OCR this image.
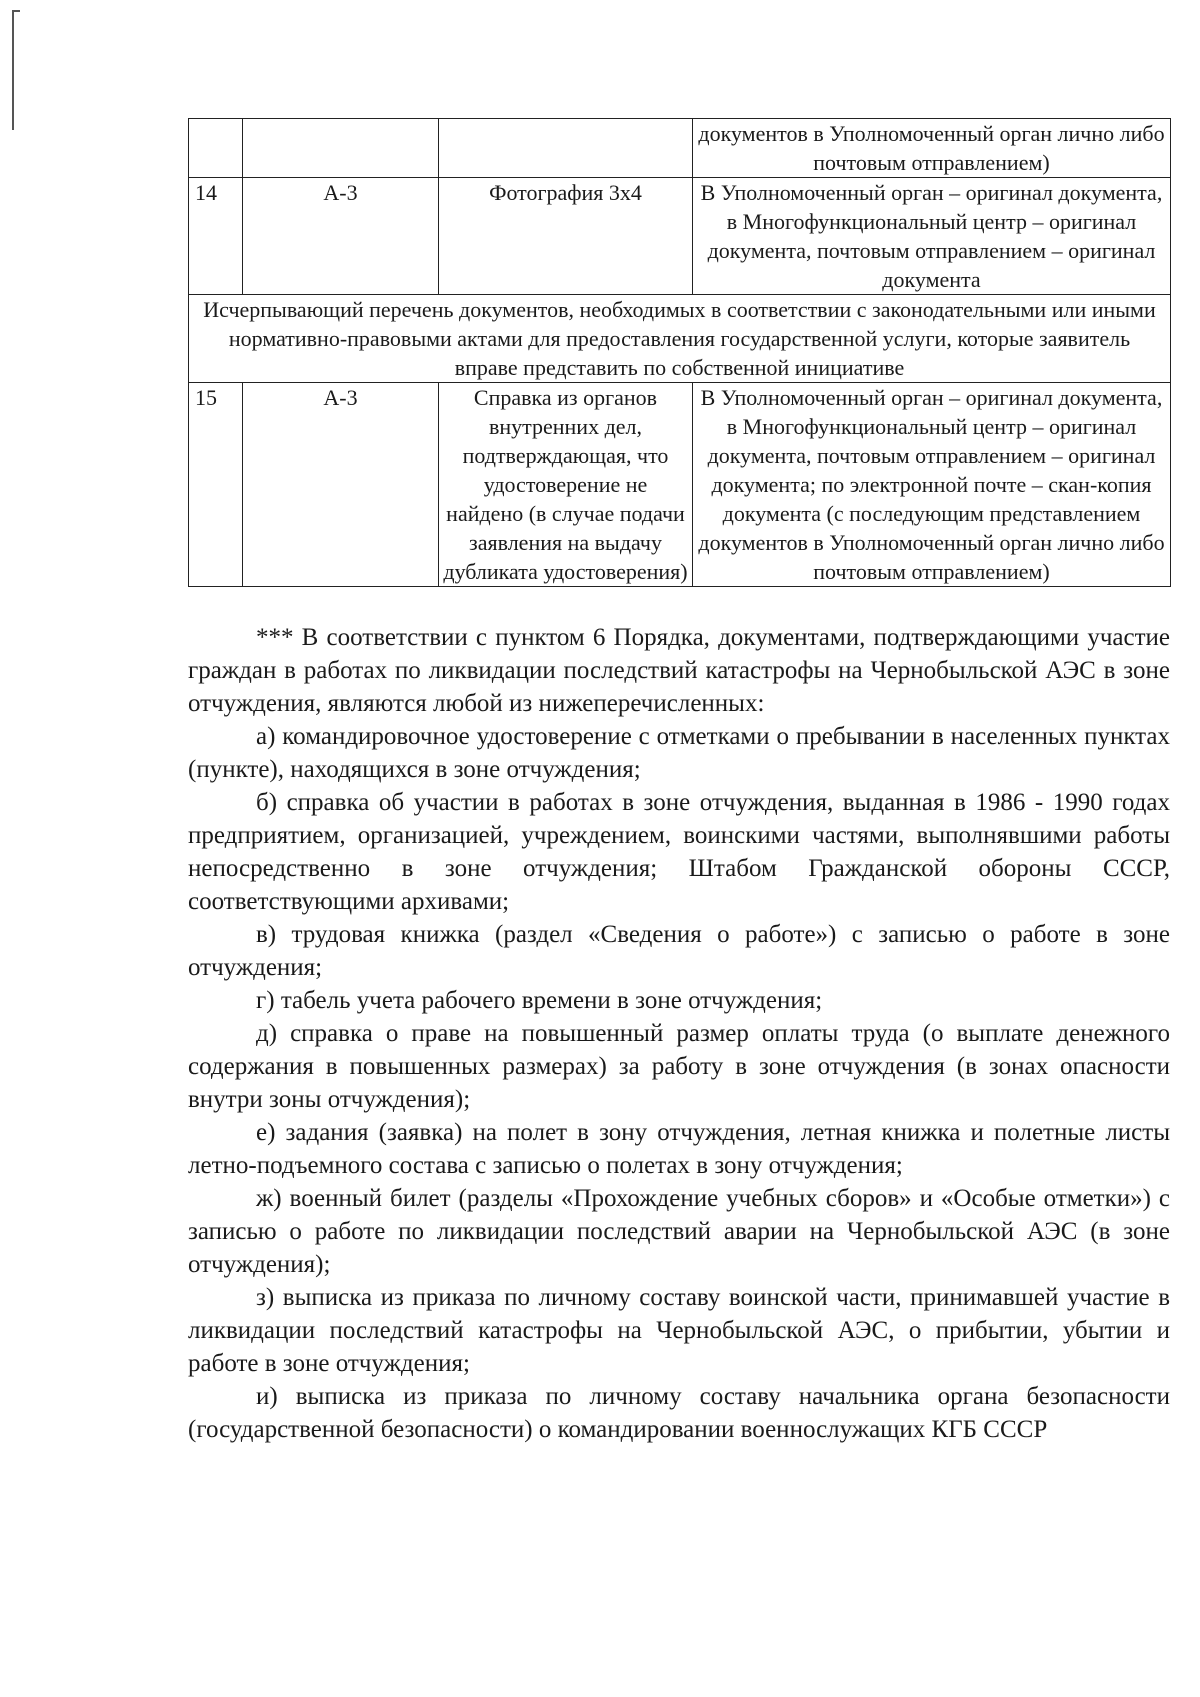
			документов в Уполномоченный орган лично либо почтовым отправлением)
14	А-3	Фотография 3х4	В Уполномоченный орган – оригинал документа, в Многофункциональный центр – оригинал документа, почтовым отправлением – оригинал документа
Исчерпывающий перечень документов, необходимых в соответствии с законодательными или иными нормативно-правовыми актами для предоставления государственной услуги, которые заявитель вправе представить по собственной инициативе			
15	А-3	Справка из органов внутренних дел, подтверждающая, что удостоверение не найдено (в случае подачи заявления на выдачу дубликата удостоверения)	В Уполномоченный орган – оригинал документа, в Многофункциональный центр – оригинал документа, почтовым отправлением – оригинал документа; по электронной почте – скан-копия документа (с последующим представлением документов в Уполномоченный орган лично либо почтовым отправлением)

*** В соответствии с пунктом 6 Порядка, документами, подтверждающими участие граждан в работах по ликвидации последствий катастрофы на Чернобыльской АЭС в зоне отчуждения, являются любой из нижеперечисленных:

а) командировочное удостоверение с отметками о пребывании в населенных пунктах (пункте), находящихся в зоне отчуждения;

б) справка об участии в работах в зоне отчуждения, выданная в 1986 - 1990 годах предприятием, организацией, учреждением, воинскими частями, выполнявшими работы непосредственно в зоне отчуждения; Штабом Гражданской обороны СССР, соответствующими архивами;

в) трудовая книжка (раздел «Сведения о работе») с записью о работе в зоне отчуждения;

г) табель учета рабочего времени в зоне отчуждения;

д) справка о праве на повышенный размер оплаты труда (о выплате денежного содержания в повышенных размерах) за работу в зоне отчуждения (в зонах опасности внутри зоны отчуждения);

е) задания (заявка) на полет в зону отчуждения, летная книжка и полетные листы летно-подъемного состава с записью о полетах в зону отчуждения;

ж) военный билет (разделы «Прохождение учебных сборов» и «Особые отметки») с записью о работе по ликвидации последствий аварии на Чернобыльской АЭС (в зоне отчуждения);

з) выписка из приказа по личному составу воинской части, принимавшей участие в ликвидации последствий катастрофы на Чернобыльской АЭС, о прибытии, убытии и работе в зоне отчуждения;

и) выписка из приказа по личному составу начальника органа безопасности (государственной безопасности) о командировании военнослужащих КГБ СССР
